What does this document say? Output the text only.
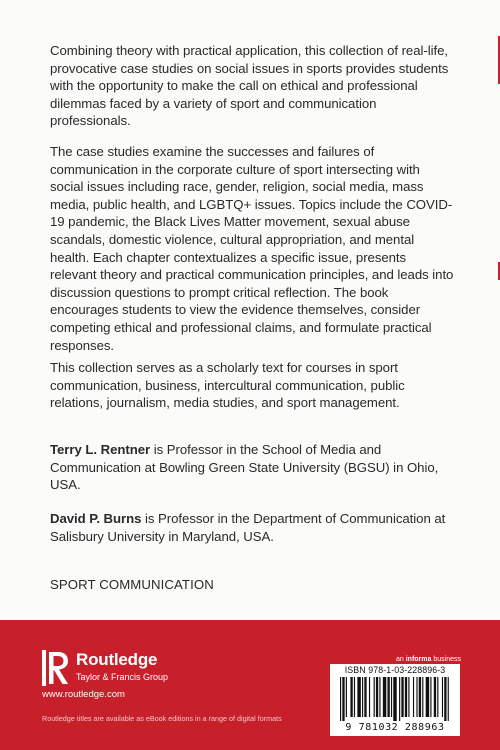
Combining theory with practical application, this collection of real-life, provocative case studies on social issues in sports provides students with the opportunity to make the call on ethical and professional dilemmas faced by a variety of sport and communication professionals.

The case studies examine the successes and failures of communication in the corporate culture of sport intersecting with social issues including race, gender, religion, social media, mass media, public health, and LGBTQ+ issues. Topics include the COVID-19 pandemic, the Black Lives Matter movement, sexual abuse scandals, domestic violence, cultural appropriation, and mental health. Each chapter contextualizes a specific issue, presents relevant theory and practical communication principles, and leads into discussion questions to prompt critical reflection. The book encourages students to view the evidence themselves, consider competing ethical and professional claims, and formulate practical responses.

This collection serves as a scholarly text for courses in sport communication, business, intercultural communication, public relations, journalism, media studies, and sport management.

Terry L. Rentner is Professor in the School of Media and Communication at Bowling Green State University (BGSU) in Ohio, USA.

David P. Burns is Professor in the Department of Communication at Salisbury University in Maryland, USA.

SPORT COMMUNICATION

Routledge
Taylor & Francis Group
www.routledge.com
Routledge titles are available as eBook editions in a range of digital formats
an informa business
ISBN 978-1-03-228896-3
9 781032 288963
